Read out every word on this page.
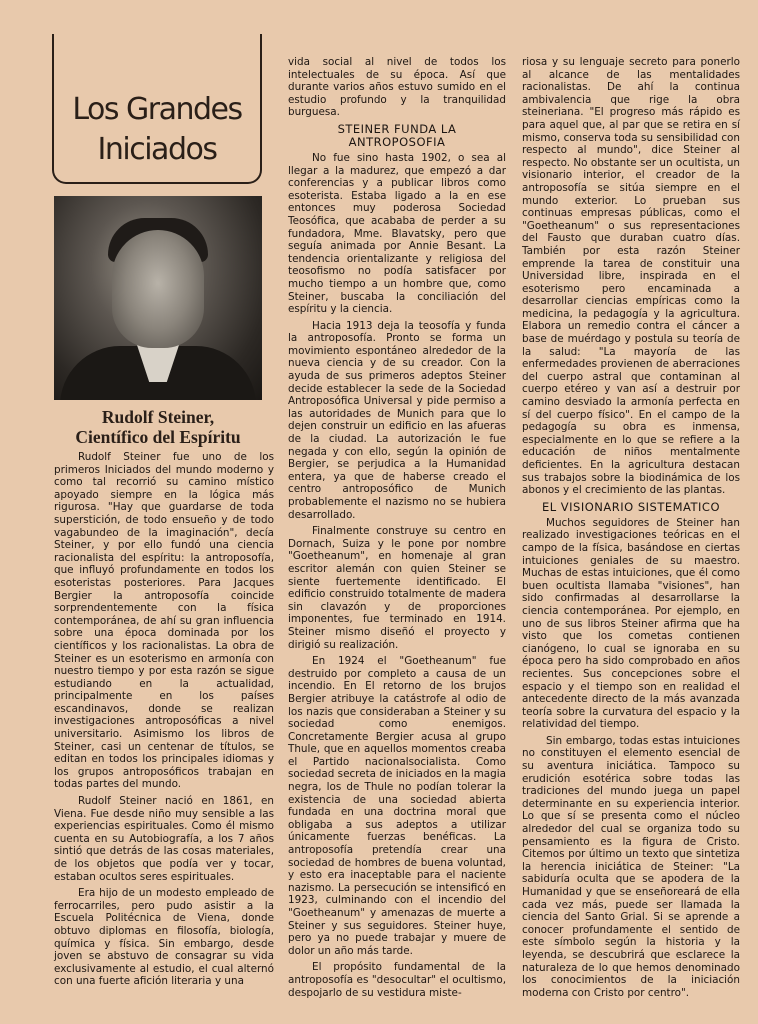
Los Grandes
Iniciados
Rudolf Steiner,
Científico del Espíritu

Rudolf Steiner fue uno de los primeros Iniciados del mundo moderno y como tal recorrió su camino místico apoyado siempre en la lógica más rigurosa. "Hay que guardarse de toda superstición, de todo ensueño y de todo vagabundeo de la imaginación", decía Steiner, y por ello fundó una ciencia racionalista del espíritu: la antroposofía, que influyó profundamente en todos los esoteristas posteriores. Para Jacques Bergier la antroposofía coincide sorprendentemente con la física contemporánea, de ahí su gran influencia sobre una época dominada por los científicos y los racionalistas. La obra de Steiner es un esoterismo en armonía con nuestro tiempo y por esta razón se sigue estudiando en la actualidad, principalmente en los países escandinavos, donde se realizan investigaciones antroposóficas a nivel universitario. Asimismo los libros de Steiner, casi un centenar de títulos, se editan en todos los principales idiomas y los grupos antroposóficos trabajan en todas partes del mundo.

Rudolf Steiner nació en 1861, en Viena. Fue desde niño muy sensible a las experiencias espirituales. Como él mismo cuenta en su Autobiografía, a los 7 años sintió que detrás de las cosas materiales, de los objetos que podía ver y tocar, estaban ocultos seres espirituales.

Era hijo de un modesto empleado de ferrocarriles, pero pudo asistir a la Escuela Politécnica de Viena, donde obtuvo diplomas en filosofía, biología, química y física. Sin embargo, desde joven se abstuvo de consagrar su vida exclusivamente al estudio, el cual alternó con una fuerte afición literaria y una

vida social al nivel de todos los intelectuales de su época. Así que durante varios años estuvo sumido en el estudio profundo y la tranquilidad burguesa.

STEINER FUNDA LA ANTROPOSOFIA

No fue sino hasta 1902, o sea al llegar a la madurez, que empezó a dar conferencias y a publicar libros como esoterista. Estaba ligado a la en ese entonces muy poderosa Sociedad Teosófica, que acababa de perder a su fundadora, Mme. Blavatsky, pero que seguía animada por Annie Besant. La tendencia orientalizante y religiosa del teosofismo no podía satisfacer por mucho tiempo a un hombre que, como Steiner, buscaba la conciliación del espíritu y la ciencia.

Hacia 1913 deja la teosofía y funda la antroposofía. Pronto se forma un movimiento espontáneo alrededor de la nueva ciencia y de su creador. Con la ayuda de sus primeros adeptos Steiner decide establecer la sede de la Sociedad Antroposófica Universal y pide permiso a las autoridades de Munich para que lo dejen construir un edificio en las afueras de la ciudad. La autorización le fue negada y con ello, según la opinión de Bergier, se perjudica a la Humanidad entera, ya que de haberse creado el centro antroposófico de Munich probablemente el nazismo no se hubiera desarrollado.

Finalmente construye su centro en Dornach, Suiza y le pone por nombre "Goetheanum", en homenaje al gran escritor alemán con quien Steiner se siente fuertemente identificado. El edificio construido totalmente de madera sin clavazón y de proporciones imponentes, fue terminado en 1914. Steiner mismo diseñó el proyecto y dirigió su realización.

En 1924 el "Goetheanum" fue destruido por completo a causa de un incendio. En El retorno de los brujos Bergier atribuye la catástrofe al odio de los nazis que consideraban a Steiner y su sociedad como enemigos. Concretamente Bergier acusa al grupo Thule, que en aquellos momentos creaba el Partido nacionalsocialista. Como sociedad secreta de iniciados en la magia negra, los de Thule no podían tolerar la existencia de una sociedad abierta fundada en una doctrina moral que obligaba a sus adeptos a utilizar únicamente fuerzas benéficas. La antroposofía pretendía crear una sociedad de hombres de buena voluntad, y esto era inaceptable para el naciente nazismo. La persecución se intensificó en 1923, culminando con el incendio del "Goetheanum" y amenazas de muerte a Steiner y sus seguidores. Steiner huye, pero ya no puede trabajar y muere de dolor un año más tarde.

El propósito fundamental de la antroposofía es "desocultar" el ocultismo, despojarlo de su vestidura miste-

riosa y su lenguaje secreto para ponerlo al alcance de las mentalidades racionalistas. De ahí la continua ambivalencia que rige la obra steineriana. "El progreso más rápido es para aquel que, al par que se retira en sí mismo, conserva toda su sensibilidad con respecto al mundo", dice Steiner al respecto. No obstante ser un ocultista, un visionario interior, el creador de la antroposofía se sitúa siempre en el mundo exterior. Lo prueban sus continuas empresas públicas, como el "Goetheanum" o sus representaciones del Fausto que duraban cuatro días. También por esta razón Steiner emprende la tarea de constituir una Universidad libre, inspirada en el esoterismo pero encaminada a desarrollar ciencias empíricas como la medicina, la pedagogía y la agricultura. Elabora un remedio contra el cáncer a base de muérdago y postula su teoría de la salud: "La mayoría de las enfermedades provienen de aberraciones del cuerpo astral que contaminan al cuerpo etéreo y van así a destruir por camino desviado la armonía perfecta en sí del cuerpo físico". En el campo de la pedagogía su obra es inmensa, especialmente en lo que se refiere a la educación de niños mentalmente deficientes. En la agricultura destacan sus trabajos sobre la biodinámica de los abonos y el crecimiento de las plantas.

EL VISIONARIO SISTEMATICO

Muchos seguidores de Steiner han realizado investigaciones teóricas en el campo de la física, basándose en ciertas intuiciones geniales de su maestro. Muchas de estas intuiciones, que él como buen ocultista llamaba "visiones", han sido confirmadas al desarrollarse la ciencia contemporánea. Por ejemplo, en uno de sus libros Steiner afirma que ha visto que los cometas contienen cianógeno, lo cual se ignoraba en su época pero ha sido comprobado en años recientes. Sus concepciones sobre el espacio y el tiempo son en realidad el antecedente directo de la más avanzada teoría sobre la curvatura del espacio y la relatividad del tiempo.

Sin embargo, todas estas intuiciones no constituyen el elemento esencial de su aventura iniciática. Tampoco su erudición esotérica sobre todas las tradiciones del mundo juega un papel determinante en su experiencia interior. Lo que sí se presenta como el núcleo alrededor del cual se organiza todo su pensamiento es la figura de Cristo. Citemos por último un texto que sintetiza la herencia iniciática de Steiner: "La sabiduría oculta que se apodera de la Humanidad y que se enseñoreará de ella cada vez más, puede ser llamada la ciencia del Santo Grial. Si se aprende a conocer profundamente el sentido de este símbolo según la historia y la leyenda, se descubrirá que esclarece la naturaleza de lo que hemos denominado los conocimientos de la iniciación moderna con Cristo por centro".
